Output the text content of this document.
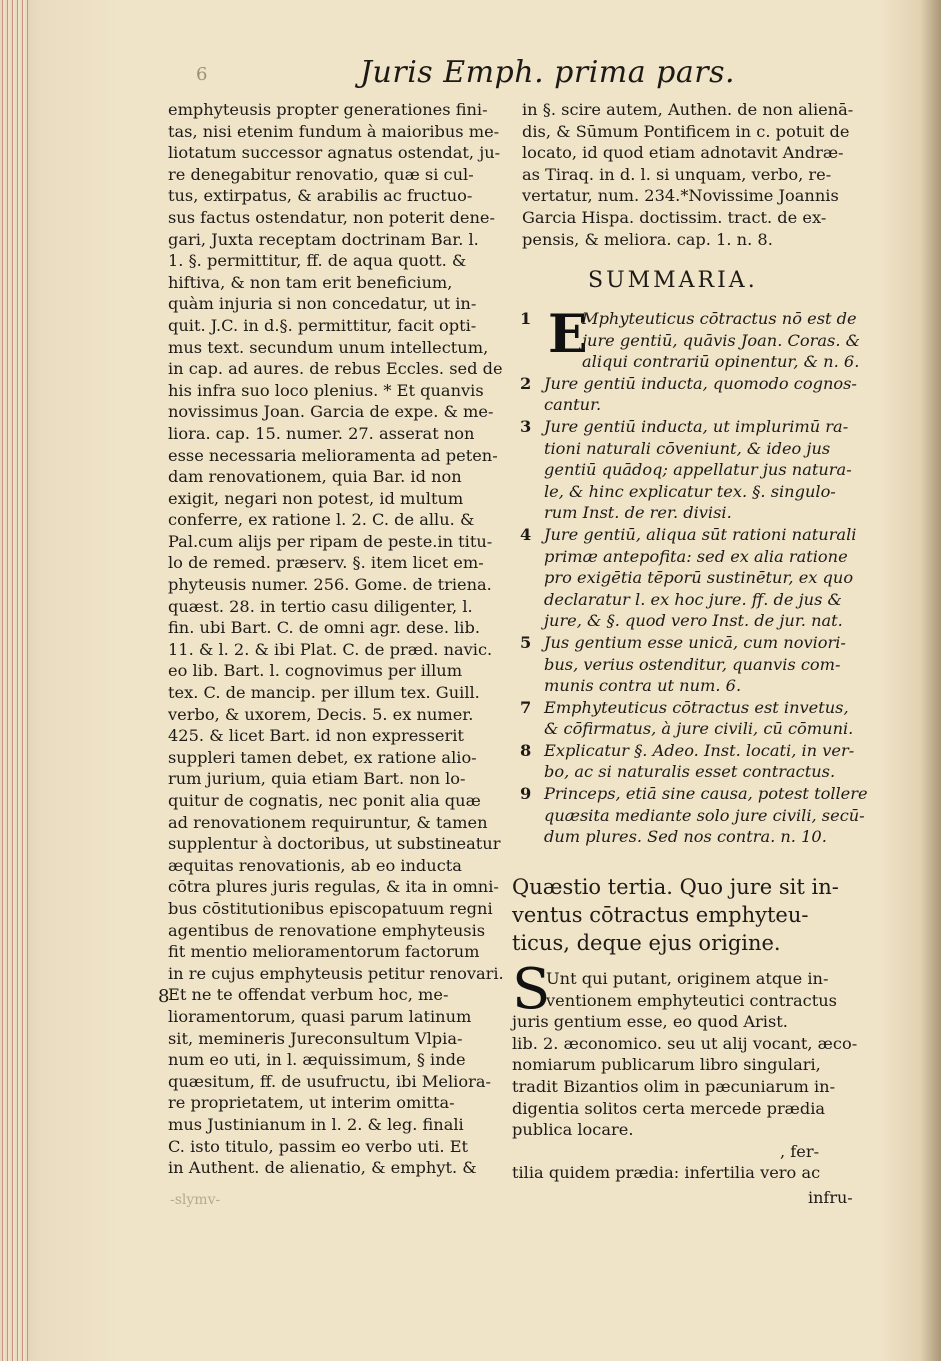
6	Juris Emph. prima pars.

emphyteusis propter generationes fini-

tas, nisi etenim fundum à maioribus me-

liotatum successor agnatus ostendat, ju-

re denegabitur renovatio, quæ si cul-

tus, extirpatus, & arabilis ac fructuo-

sus factus ostendatur, non poterit dene-

gari, Juxta receptam doctrinam Bar. l.

1. §. permittitur, ff. de aqua quott. &

hiftiva, & non tam erit beneficium,

quàm injuria si non concedatur, ut in-

quit. J.C. in d.§. permittitur, facit opti-

mus text. secundum unum intellectum,

in cap. ad aures. de rebus Eccles. sed de

his infra suo loco plenius. * Et quanvis

novissimus Joan. Garcia de expe. & me-

liora. cap. 15. numer. 27. asserat non

esse necessaria melioramenta ad peten-

dam renovationem, quia Bar. id non

exigit, negari non potest, id multum

conferre, ex ratione l. 2. C. de allu. &

Pal.cum alijs per ripam de peste.in titu-

lo de remed. præserv. §. item licet em-

phyteusis numer. 256. Gome. de triena.

quæst. 28. in tertio casu diligenter, l.

fin. ubi Bart. C. de omni agr. dese. lib.

11. & l. 2. & ibi Plat. C. de præd. navic.

eo lib. Bart. l. cognovimus per illum

tex. C. de mancip. per illum tex. Guill.

verbo, & uxorem, Decis. 5. ex numer.

425. & licet Bart. id non expresserit

suppleri tamen debet, ex ratione alio-

rum jurium, quia etiam Bart. non lo-

quitur de cognatis, nec ponit alia quæ

ad renovationem requiruntur, & tamen

supplentur à doctoribus, ut substineatur

æquitas renovationis, ab eo inducta

cōtra plures juris regulas, & ita in omni-

bus cōstitutionibus episcopatuum regni

agentibus de renovatione emphyteusis

fit mentio melioramentorum factorum

in re cujus emphyteusis petitur renovari.

Et ne te offendat verbum hoc, me-

lioramentorum, quasi parum latinum

sit, memineris Jureconsultum Vlpia-

num eo uti, in l. æquissimum, § inde

quæsitum, ff. de usufructu, ibi Meliora-

re proprietatem, ut interim omitta-

mus Justinianum in l. 2. & leg. finali

C. isto titulo, passim eo verbo uti. Et

in Authent. de alienatio, & emphyt. &

8

in §. scire autem, Authen. de non alienā-

dis, & Sūmum Pontificem in c. potuit de

locato, id quod etiam adnotavit Andræ-

as Tiraq. in d. l. si unquam, verbo, re-

vertatur, num. 234.*Novissime Joannis

Garcia Hispa. doctissim. tract. de ex-

pensis, & meliora. cap. 1. n. 8.

SUMMARIA.
E
1	Mphyteuticus cōtractus nō est de

jure gentiū, quāvis Joan. Coras. &

aliqui contrariū opinentur, & n. 6.

2 Jure gentiū inducta, quomodo cognos-

cantur.

3 Jure gentiū inducta, ut implurimū ra-

tioni naturali cōveniunt, & ideo jus

gentiū quādoq; appellatur jus natura-

le, & hinc explicatur tex. §. singulo-

rum Inst. de rer. divisi.

4 Jure gentiū, aliqua sūt rationi naturali

primæ antepofita: sed ex alia ratione

pro exigētia tēporū sustinētur, ex quo

declaratur l. ex hoc jure. ff. de jus &

jure, & §. quod vero Inst. de jur. nat.

5 Jus gentium esse unicā, cum noviori-

bus, verius ostenditur, quanvis com-

munis contra ut num. 6.

7 Emphyteuticus cōtractus est invetus,

& cōfirmatus, à jure civili, cū cōmuni.

8 Explicatur §. Adeo. Inst. locati, in ver-

bo, ac si naturalis esset contractus.

9 Princeps, etiā sine causa, potest tollere

quæsita mediante solo jure civili, secū-

dum plures. Sed nos contra. n. 10.

Quæstio tertia. Quo jure sit in-

ventus cōtractus emphyteu-

ticus, deque ejus origine.

S

Unt qui putant, originem atque in-

ventionem emphyteutici contractus

juris gentium esse, eo quod Arist.

lib. 2. æconomico. seu ut alij vocant, æco-

nomiarum publicarum libro singulari,

tradit Bizantios olim in pæcuniarum in-

digentia solitos certa mercede prædia

publica locare.

, fer-

tilia quidem prædia: infertilia vero ac

infru-
-slymv-
